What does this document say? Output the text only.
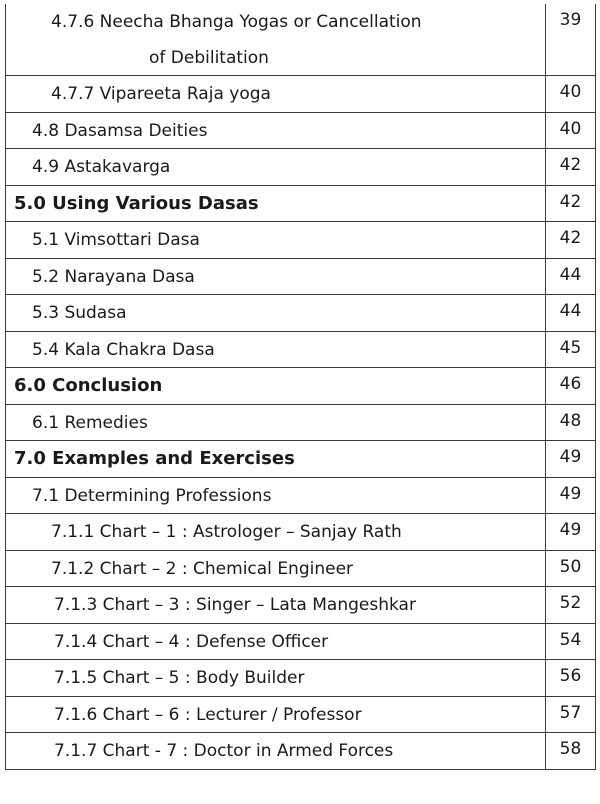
4.7.6 Neecha Bhanga Yogas or Cancellation
of Debilitation
39
4.7.7 Vipareeta Raja yoga	40
4.8 Dasamsa Deities	40
4.9 Astakavarga	42
5.0 Using Various Dasas	42
5.1 Vimsottari Dasa	42
5.2 Narayana Dasa	44
5.3 Sudasa	44
5.4 Kala Chakra Dasa	45
6.0 Conclusion	46
6.1 Remedies	48
7.0 Examples and Exercises	49
7.1 Determining Professions	49
7.1.1 Chart – 1 : Astrologer – Sanjay Rath	49
7.1.2 Chart – 2 : Chemical Engineer	50
7.1.3 Chart – 3 : Singer – Lata Mangeshkar	52
7.1.4 Chart – 4 : Defense Officer	54
7.1.5 Chart – 5 : Body Builder	56
7.1.6 Chart – 6 : Lecturer / Professor	57
7.1.7 Chart - 7 : Doctor in Armed Forces	58
